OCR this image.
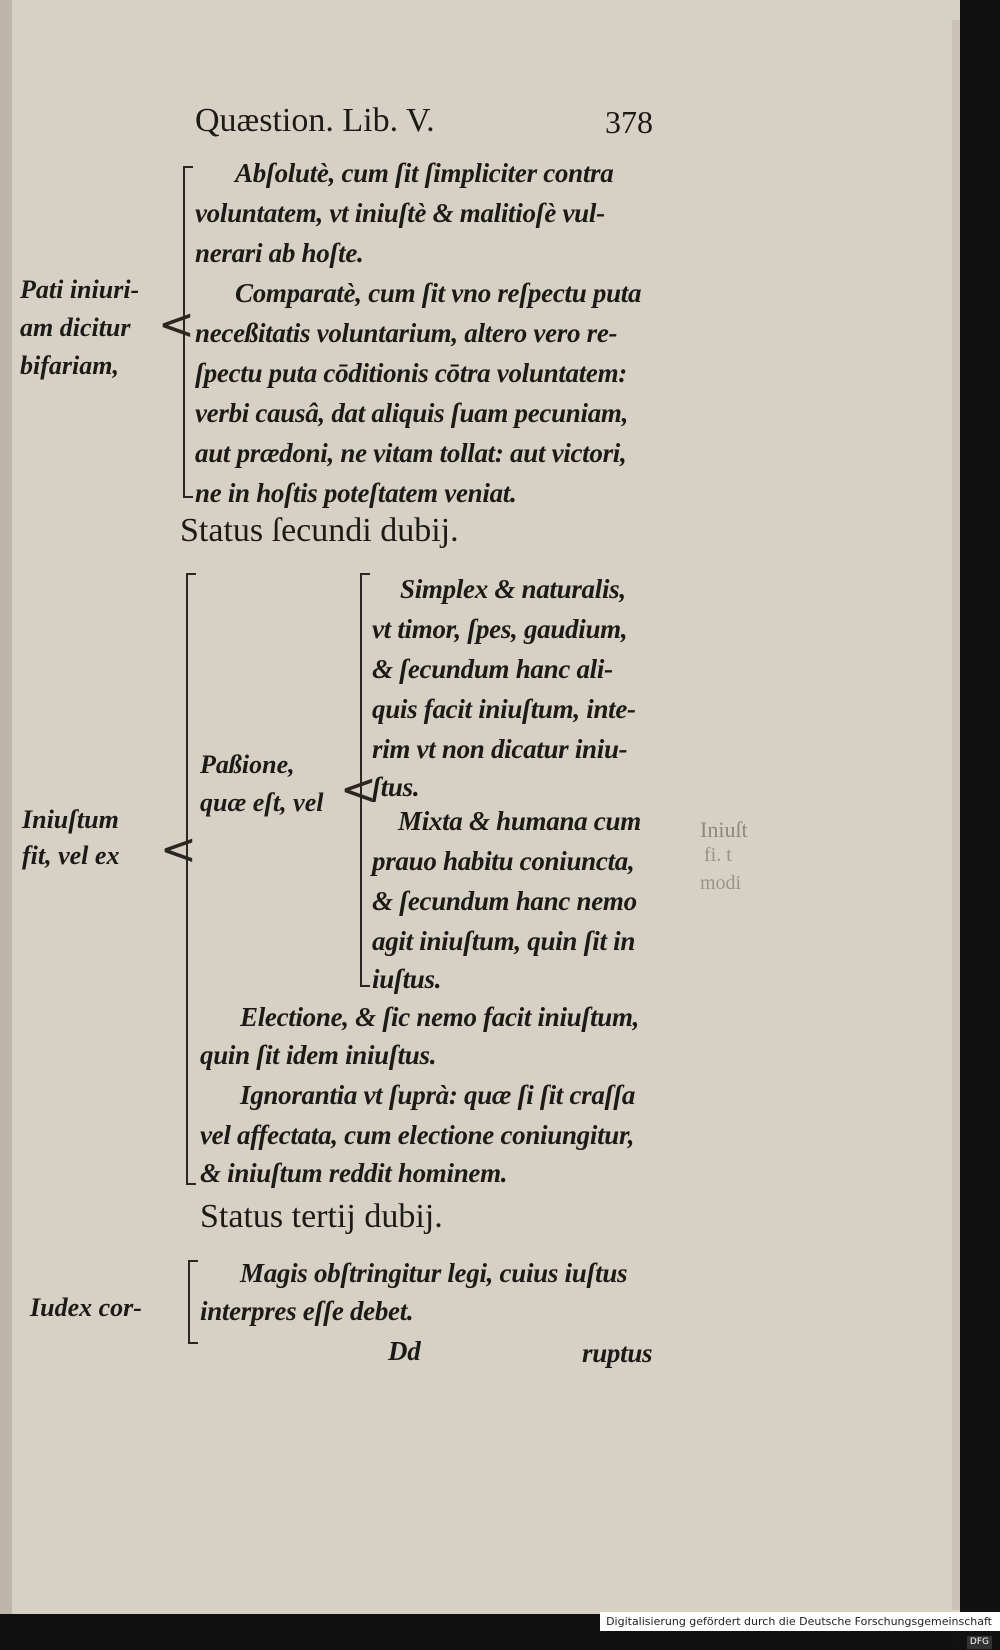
Quæstion. Lib. V.	378
Pati iniuri-
am dicitur
bifariam,
<
Abſolutè, cum ſit ſimpliciter contra
voluntatem, vt iniuſtè & malitioſè vul-
nerari ab hoſte.
Comparatè, cum ſit vno reſpectu puta
neceßitatis voluntarium, altero vero re-
ſpectu puta cōditionis cōtra voluntatem:
verbi causâ, dat aliquis ſuam pecuniam,
aut prædoni, ne vitam tollat: aut victori,
ne in hoſtis poteſtatem veniat.
Status ſecundi dubij.
Iniuſtum
fit, vel ex <
Paßione,
quæ eſt, vel <
Simplex & naturalis,
vt timor, ſpes, gaudium,
& ſecundum hanc ali-
quis facit iniuſtum, inte-
rim vt non dicatur iniu-
ſtus.
Mixta & humana cum
prauo habitu coniuncta,
& ſecundum hanc nemo
agit iniuſtum, quin ſit in
iuſtus.
Electione, & ſic nemo facit iniuſtum,
quin ſit idem iniuſtus.
Ignorantia vt ſuprà: quæ ſi ſit craſſa
vel affectata, cum electione coniungitur,
& iniuſtum reddit hominem.
Status tertij dubij.
Iudex cor-
Magis obſtringitur legi, cuius iuſtus
interpres eſſe debet.
Dd	ruptus
Iniuſt
fi. t
modi
Digitalisierung gefördert durch die Deutsche Forschungsgemeinschaft · DFG
